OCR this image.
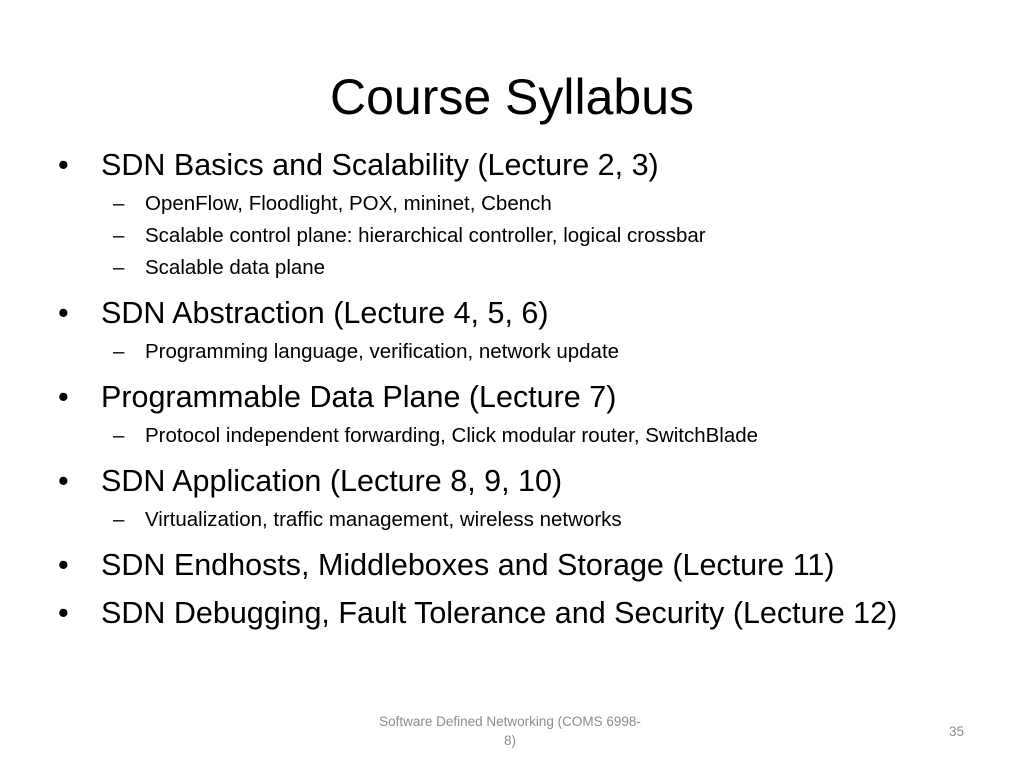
Course Syllabus
•	SDN Basics and Scalability (Lecture 2, 3)
–	OpenFlow, Floodlight, POX, mininet, Cbench
–	Scalable control plane: hierarchical controller, logical crossbar
–	Scalable data plane
•	SDN Abstraction (Lecture 4, 5, 6)
–	Programming language, verification, network update
•	Programmable Data Plane (Lecture 7)
–	Protocol independent forwarding, Click modular router, SwitchBlade
•	SDN Application (Lecture 8, 9, 10)
–	Virtualization, traffic management, wireless networks
•	SDN Endhosts, Middleboxes and Storage (Lecture 11)
•	SDN Debugging, Fault Tolerance and Security (Lecture 12)
Software Defined Networking (COMS 6998-
8)
35
